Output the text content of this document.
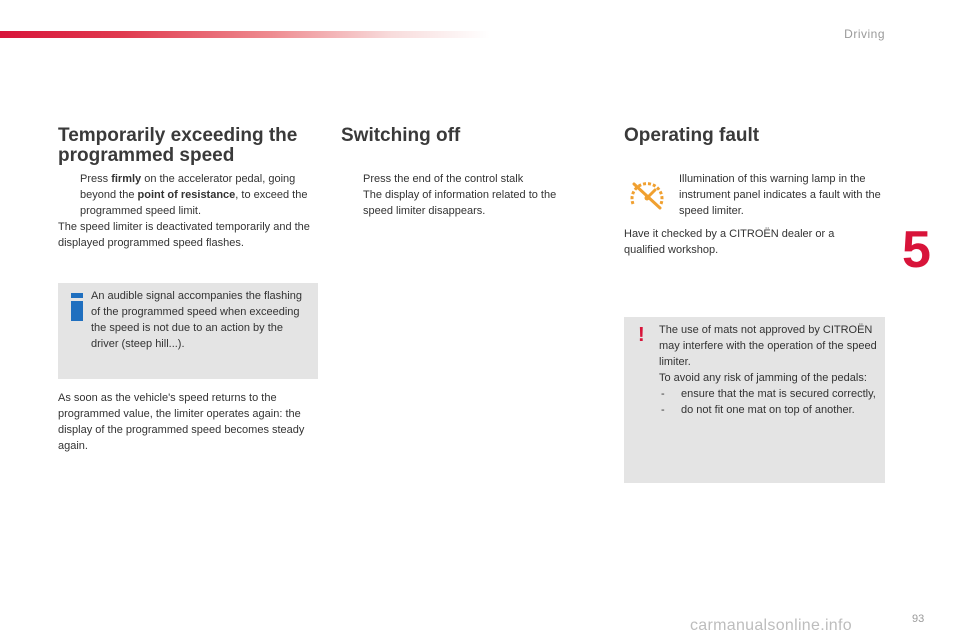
Driving
5
Temporarily exceeding the programmed speed
Press firmly on the accelerator pedal, going beyond the point of resistance, to exceed the programmed speed limit.

The speed limiter is deactivated temporarily and the displayed programmed speed flashes.

An audible signal accompanies the flashing of the programmed speed when exceeding the speed is not due to an action by the driver (steep hill...).

As soon as the vehicle's speed returns to the programmed value, the limiter operates again: the display of the programmed speed becomes steady again.

Switching off
Press the end of the control stalk
The display of information related to the speed limiter disappears.
Operating fault
Illumination of this warning lamp in the instrument panel indicates a fault with the speed limiter.

Have it checked by a CITROËN dealer or a qualified workshop.

! The use of mats not approved by CITROËN may interfere with the operation of the speed limiter.
To avoid any risk of jamming of the pedals:
- ensure that the mat is secured correctly,
- do not fit one mat on top of another.
93
carmanualsonline.info
